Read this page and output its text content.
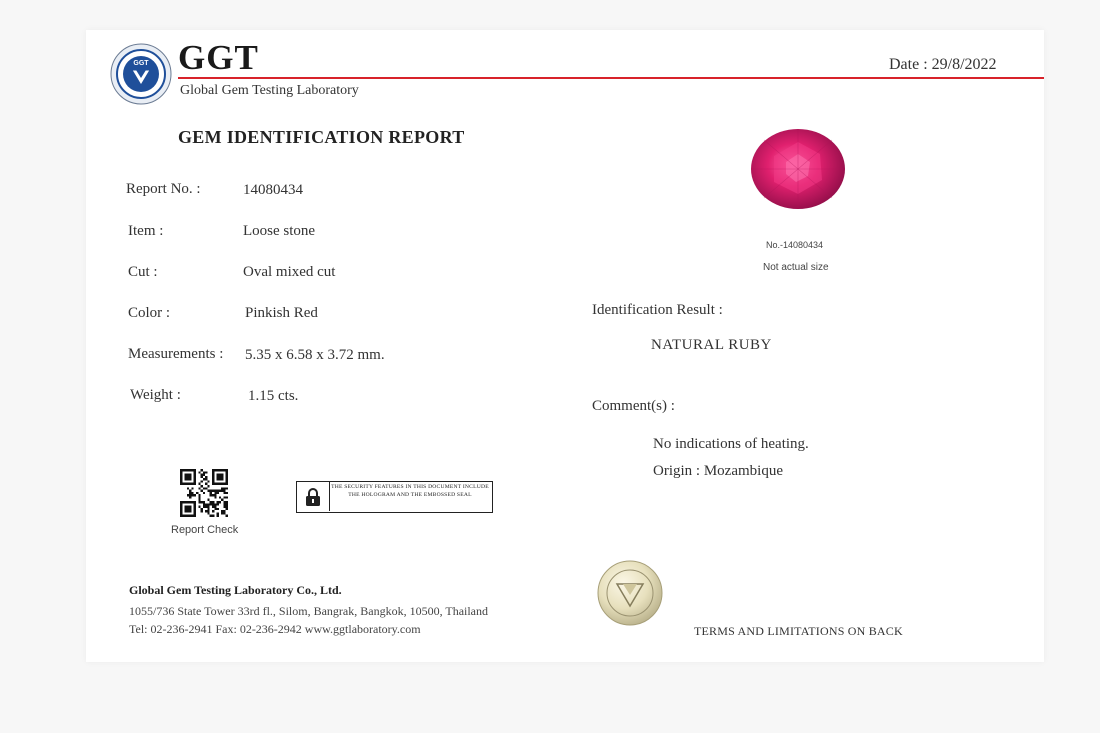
GGT GGT
Global Gem Testing Laboratory
Date : 29/8/2022
GEM IDENTIFICATION REPORT
Report No. :	14080434
Item :	Loose stone
Cut :	Oval mixed cut
Color :	Pinkish Red
Measurements : 5.35 x 6.58 x 3.72 mm.
Weight :	1.15 cts.
No.-14080434
Not actual size
Identification Result :
NATURAL RUBY
Comment(s) :
No indications of heating.
Origin : Mozambique
Report Check
THE SECURITY FEATURES IN THIS DOCUMENT INCLUDE THE HOLOGRAM AND THE EMBOSSED SEAL
Global Gem Testing Laboratory Co., Ltd.
1055/736 State Tower 33rd fl., Silom, Bangrak, Bangkok, 10500, Thailand
Tel: 02-236-2941 Fax: 02-236-2942 www.ggtlaboratory.com	TERMS AND LIMITATIONS ON BACK
